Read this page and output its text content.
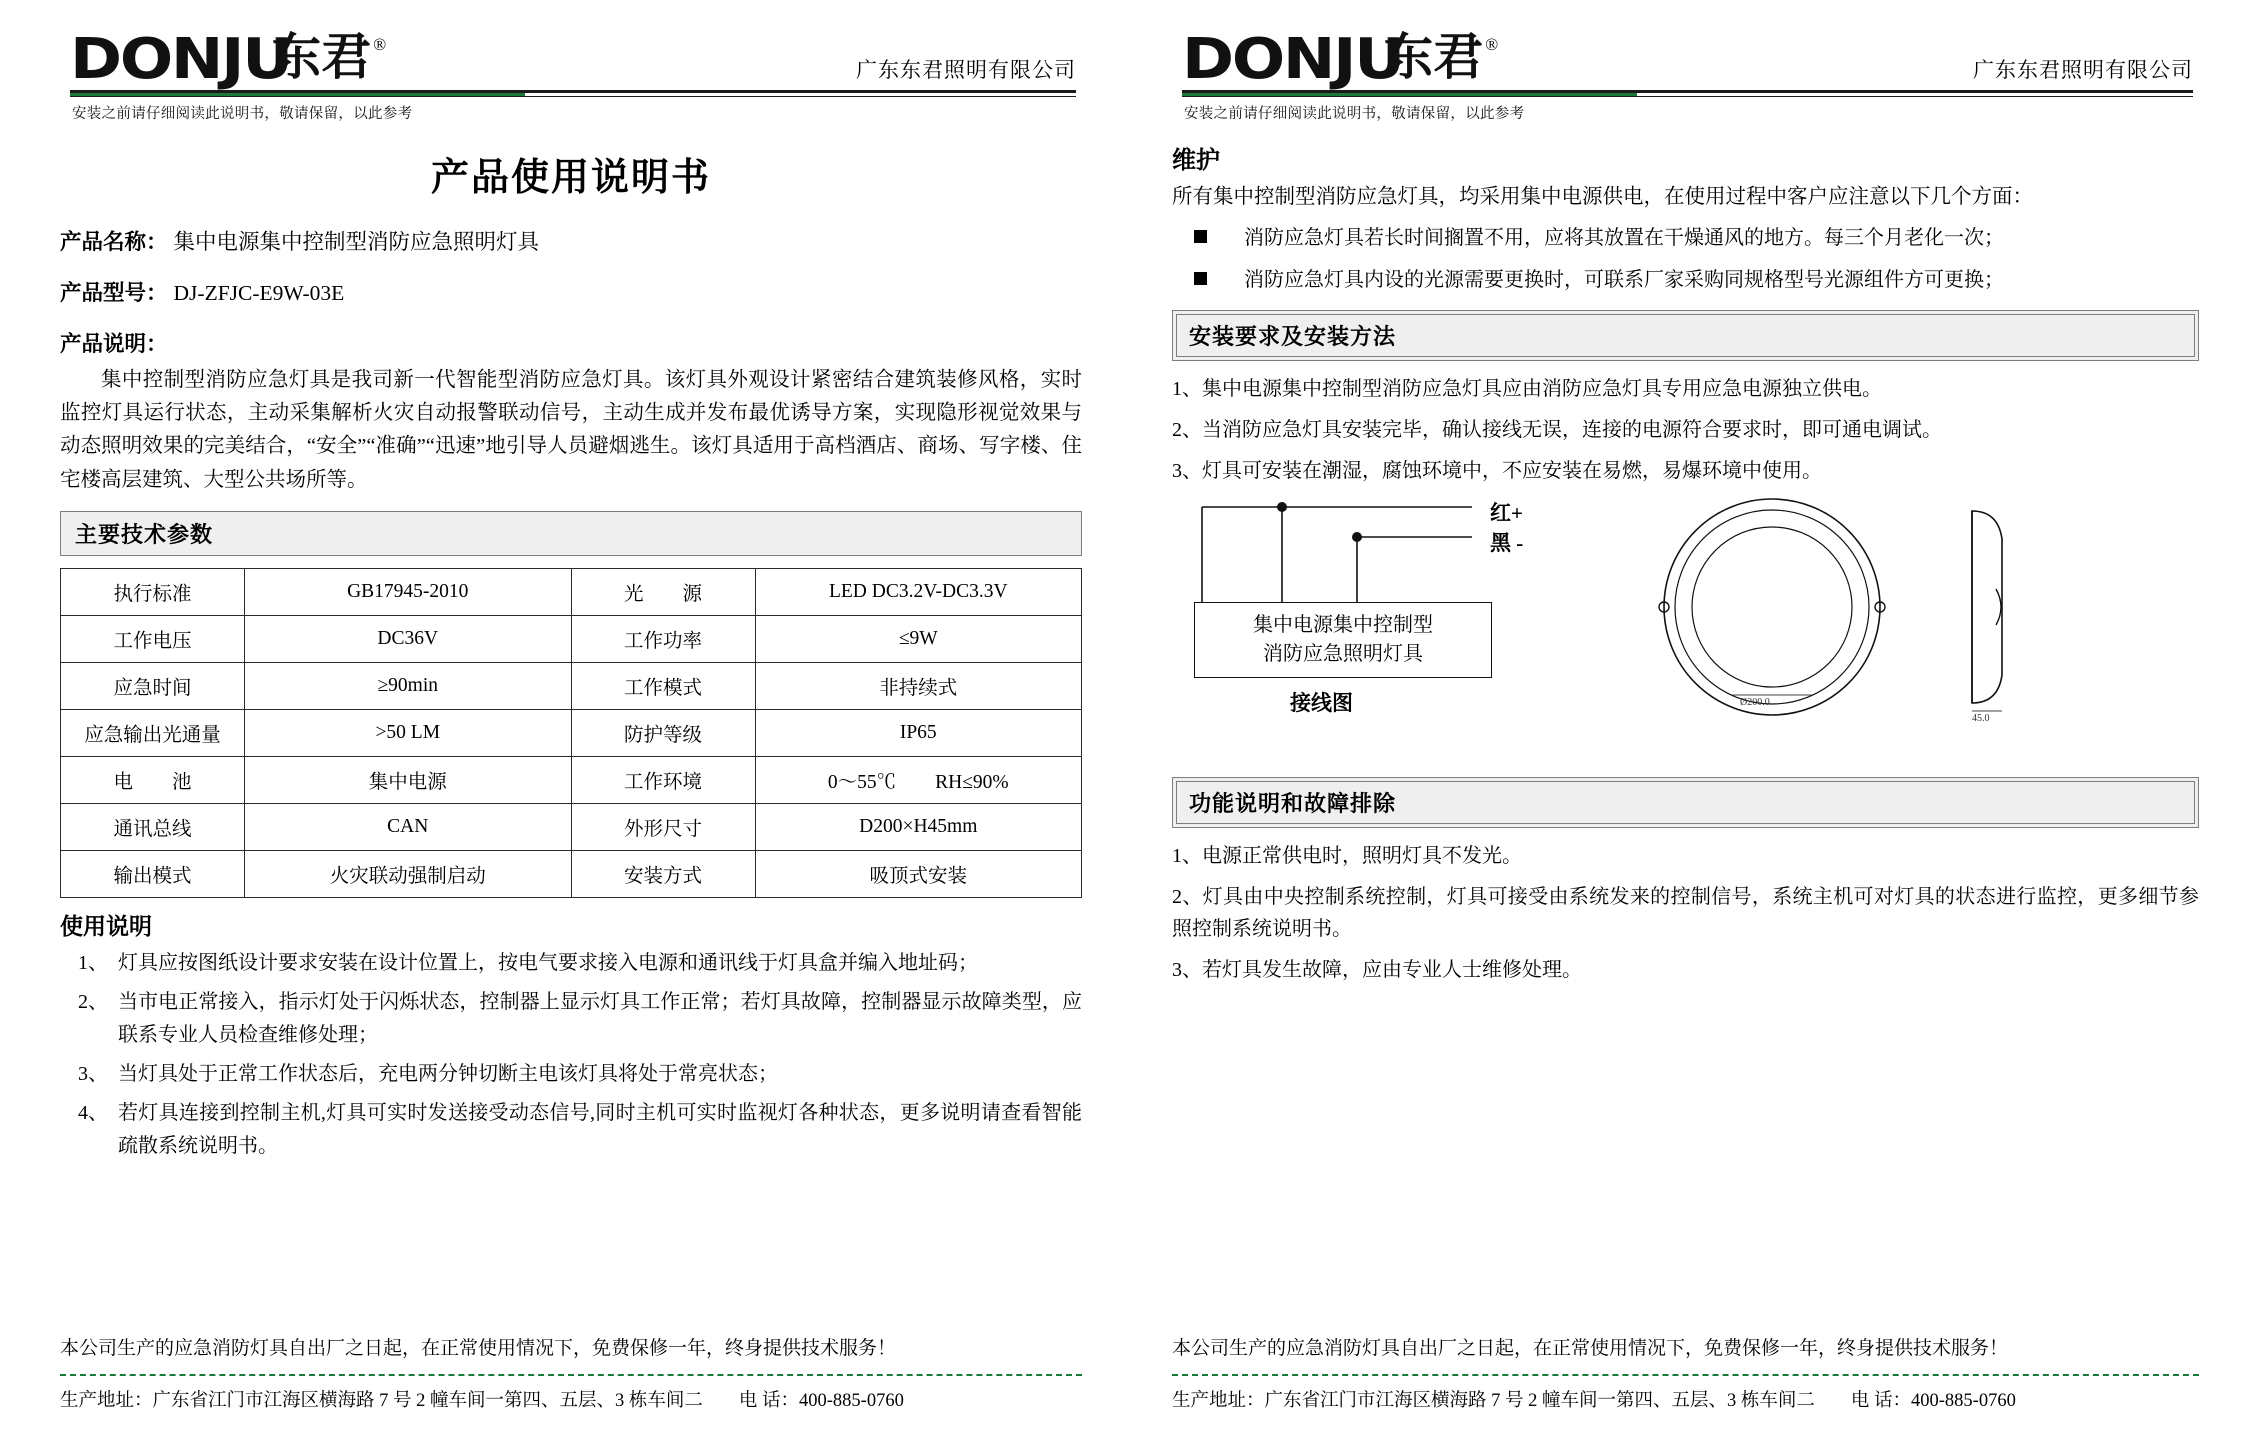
DONJU
东君 ®
安装之前请仔细阅读此说明书，敬请保留，以此参考
广东东君照明有限公司
产品使用说明书
产品名称： 集中电源集中控制型消防应急照明灯具
产品型号： DJ-ZFJC-E9W-03E
产品说明：

集中控制型消防应急灯具是我司新一代智能型消防应急灯具。该灯具外观设计紧密结合建筑装修风格，实时监控灯具运行状态，主动采集解析火灾自动报警联动信号，主动生成并发布最优诱导方案，实现隐形视觉效果与动态照明效果的完美结合，“安全”“准确”“迅速”地引导人员避烟逃生。该灯具适用于高档酒店、商场、写字楼、住宅楼高层建筑、大型公共场所等。

主要技术参数
执行标准	GB17945-2010	光　　源	LED DC3.2V-DC3.3V
工作电压	DC36V	工作功率	≤9W
应急时间	≥90min	工作模式	非持续式
应急输出光通量	>50 LM	防护等级	IP65
电　　池	集中电源	工作环境	0～55℃　　RH≤90%
通讯总线	CAN	外形尺寸	D200×H45mm
输出模式	火灾联动强制启动	安装方式	吸顶式安装
使用说明
1、 灯具应按图纸设计要求安装在设计位置上，按电气要求接入电源和通讯线于灯具盒并编入地址码；
2、 当市电正常接入，指示灯处于闪烁状态，控制器上显示灯具工作正常；若灯具故障，控制器显示故障类型，应联系专业人员检查维修处理；
3、 当灯具处于正常工作状态后，充电两分钟切断主电该灯具将处于常亮状态；
4、 若灯具连接到控制主机,灯具可实时发送接受动态信号,同时主机可实时监视灯各种状态，更多说明请查看智能疏散系统说明书。
本公司生产的应急消防灯具自出厂之日起，在正常使用情况下，免费保修一年，终身提供技术服务！
生产地址：广东省江门市江海区横海路 7 号 2 幢车间一第四、五层、3 栋车间二 电 话：400-885-0760
DONJU
东君 ®
安装之前请仔细阅读此说明书，敬请保留，以此参考
广东东君照明有限公司
维护
所有集中控制型消防应急灯具，均采用集中电源供电，在使用过程中客户应注意以下几个方面：
消防应急灯具若长时间搁置不用，应将其放置在干燥通风的地方。每三个月老化一次；
消防应急灯具内设的光源需要更换时，可联系厂家采购同规格型号光源组件方可更换；
安装要求及安装方法
1、集中电源集中控制型消防应急灯具应由消防应急灯具专用应急电源独立供电。
2、当消防应急灯具安装完毕，确认接线无误，连接的电源符合要求时，即可通电调试。
3、灯具可安装在潮湿，腐蚀环境中，不应安装在易燃，易爆环境中使用。
红+
黑 -
集中电源集中控制型
消防应急照明灯具
接线图	Ø200.0
45.0
功能说明和故障排除
1、电源正常供电时，照明灯具不发光。
2、灯具由中央控制系统控制，灯具可接受由系统发来的控制信号，系统主机可对灯具的状态进行监控，更多细节参照控制系统说明书。
3、若灯具发生故障，应由专业人士维修处理。
本公司生产的应急消防灯具自出厂之日起，在正常使用情况下，免费保修一年，终身提供技术服务！
生产地址：广东省江门市江海区横海路 7 号 2 幢车间一第四、五层、3 栋车间二 电 话：400-885-0760
